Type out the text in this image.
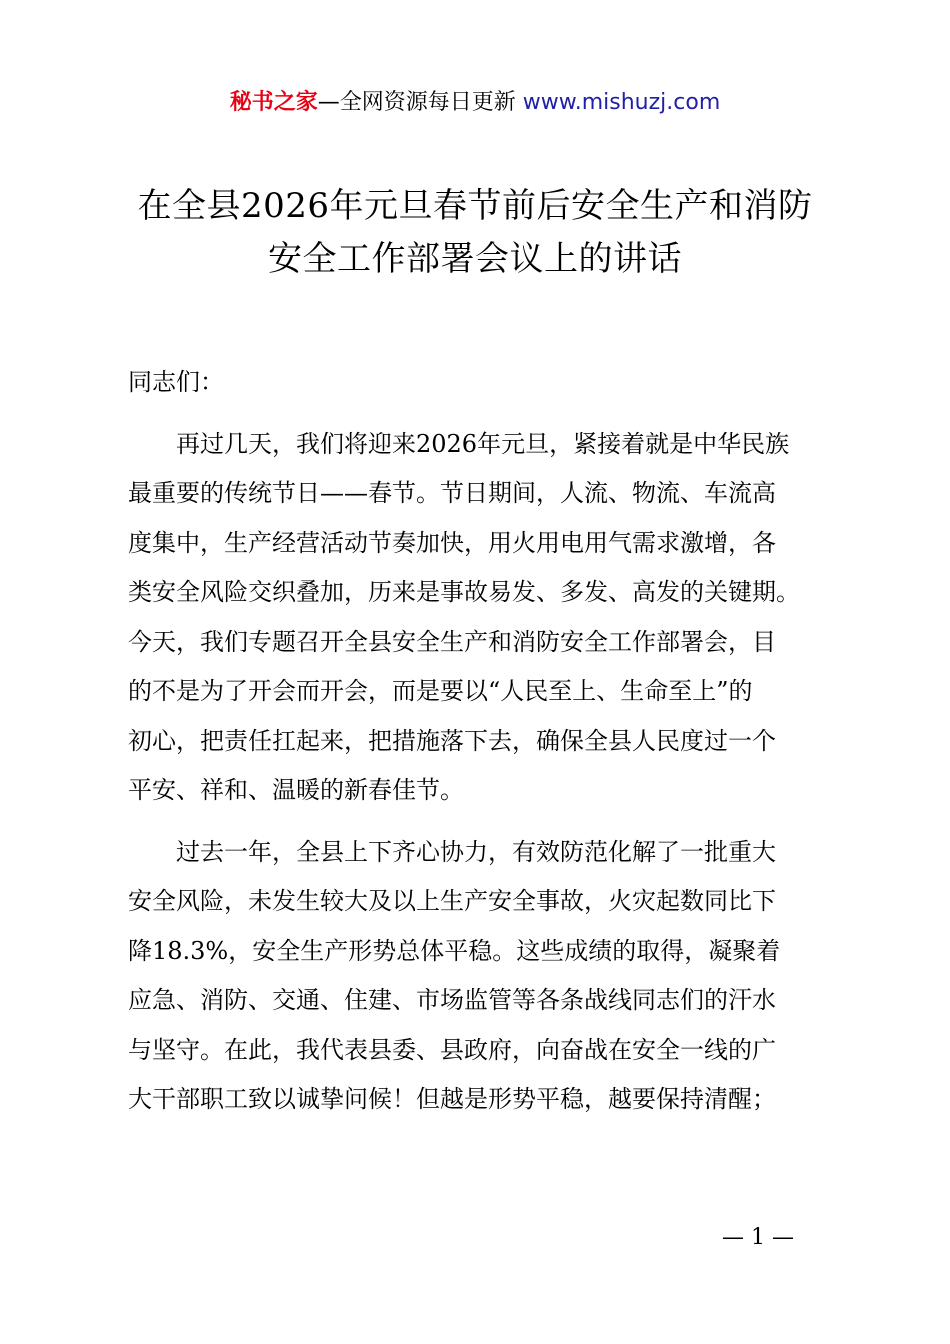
秘书之家—全网资源每日更新 www.mishuzj.com
在全县2026年元旦春节前后安全生产和消防
安全工作部署会议上的讲话
同志们：
再过几天，我们将迎来2026年元旦，紧接着就是中华民族
最重要的传统节日——春节。节日期间，人流、物流、车流高
度集中，生产经营活动节奏加快，用火用电用气需求激增，各
类安全风险交织叠加，历来是事故易发、多发、高发的关键期。
今天，我们专题召开全县安全生产和消防安全工作部署会，目
的不是为了开会而开会，而是要以“人民至上、生命至上”的
初心，把责任扛起来，把措施落下去，确保全县人民度过一个
平安、祥和、温暖的新春佳节。
过去一年，全县上下齐心协力，有效防范化解了一批重大
安全风险，未发生较大及以上生产安全事故，火灾起数同比下
降18.3%，安全生产形势总体平稳。这些成绩的取得，凝聚着
应急、消防、交通、住建、市场监管等各条战线同志们的汗水
与坚守。在此，我代表县委、县政府，向奋战在安全一线的广
大干部职工致以诚挚问候！但越是形势平稳，越要保持清醒；
— 1 —
